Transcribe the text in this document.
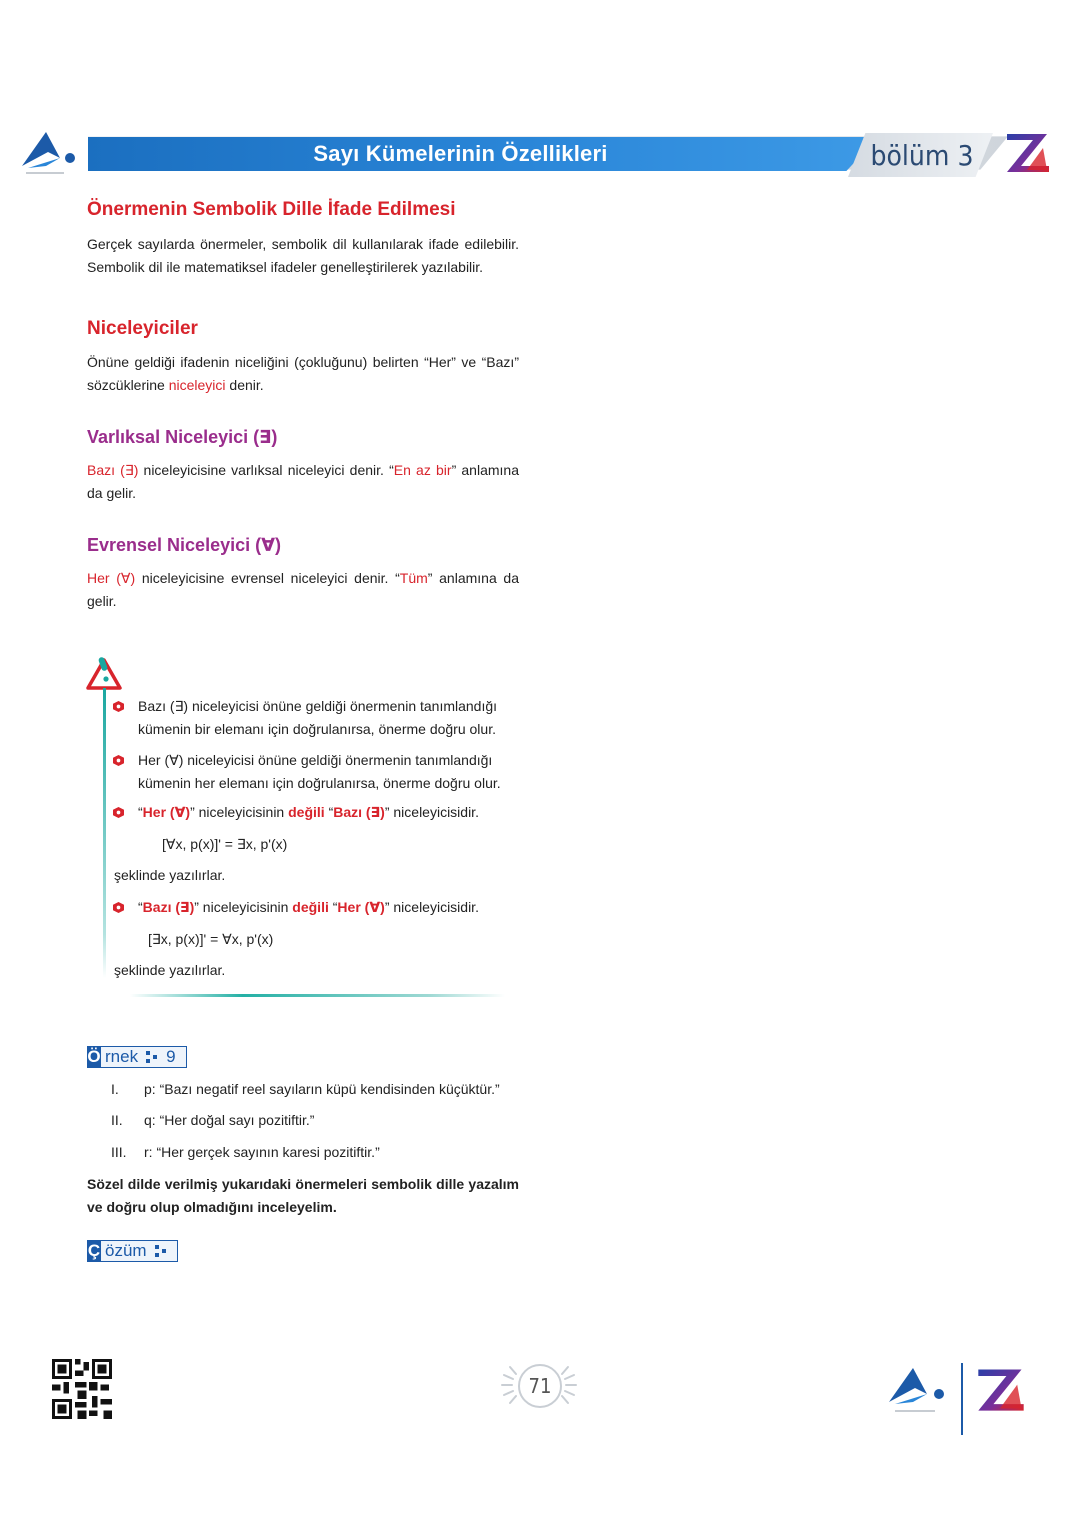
Sayı Kümelerinin Özellikleri	bölüm 3
Önermenin Sembolik Dille İfade Edilmesi
Gerçek sayılarda önermeler, sembolik dil kullanılarak ifade edilebilir. Sembolik dil ile matematiksel ifadeler genelleştirilerek yazılabilir.
Niceleyiciler
Önüne geldiği ifadenin niceliğini (çokluğunu) belirten “Her” ve “Bazı” sözcüklerine niceleyici denir.
Varlıksal Niceleyici (∃)
Bazı (∃) niceleyicisine varlıksal niceleyici denir. “En az bir” anlamına da gelir.
Evrensel Niceleyici (∀)
Her (∀) niceleyicisine evrensel niceleyici denir. “Tüm” anlamına da gelir.
Bazı (∃) niceleyicisi önüne geldiği önermenin tanımlandığı kümenin bir elemanı için doğrulanırsa, önerme doğru olur.
Her (∀) niceleyicisi önüne geldiği önermenin tanımlandığı kümenin her elemanı için doğrulanırsa, önerme doğru olur.
“Her (∀)” niceleyicisinin değili “Bazı (∃)” niceleyicisidir.
[∀x, p(x)]' = ∃x, p'(x)
şeklinde yazılırlar.
“Bazı (∃)” niceleyicisinin değili “Her (∀)” niceleyicisidir.
[∃x, p(x)]' = ∀x, p'(x)
şeklinde yazılırlar.
Ö rnek 9
I. p: “Bazı negatif reel sayıların küpü kendisinden küçüktür.”
II. q: “Her doğal sayı pozitiftir.”
III. r: “Her gerçek sayının karesi pozitiftir.”
Sözel dilde verilmiş yukarıdaki önermeleri sembolik dille yazalım ve doğru olup olmadığını inceleyelim.
Ç özüm
71
